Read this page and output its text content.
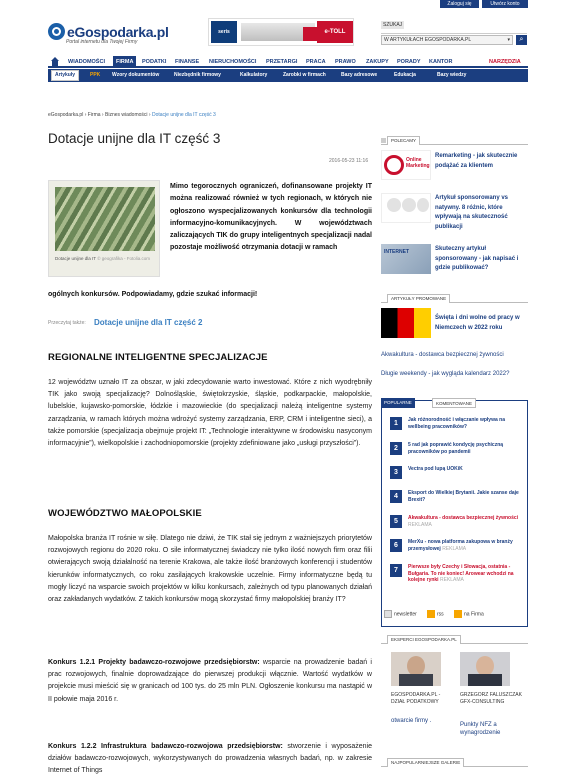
Zaloguj się	Utwórz konto
eGospodarka.pl
Portal internetu dla Twojej Firmy
seris	e-TOLL
SZUKAJ
W ARTYKUŁACH EGOSPODARKA.PL ▾	⌕
WIADOMOŚCI	FIRMA	PODATKI FINANSE NIERUCHOMOŚCI PRZETARGI PRACA PRAWO ZAKUPY PORADY KANTOR	NARZĘDZIA
Artykuły	PPK Wzory dokumentów	Niezbędnik firmowy	Kalkulatory	Zarobki w firmach	Bazy adresowe	Edukacja	Bazy wiedzy
eGospodarka.pl › Firma › Biznes wiadomości › Dotacje unijne dla IT część 3
Dotacje unijne dla IT część 3
2016-05-23 11:16
Dotacje unijne dla IT © geografika - Fotolia.com
Mimo tegorocznych ograniczeń, dofinansowane projekty IT można realizować również w tych regionach, w których nie ogłoszono wyspecjalizowanych konkursów dla technologii informacyjno-komunikacyjnych. W województwach zaliczających TIK do grupy inteligentnych specjalizacji nadal pozostaje możliwość otrzymania dotacji w ramach
ogólnych konkursów. Podpowiadamy, gdzie szukać informacji!
Przeczytaj także: Dotacje unijne dla IT część 2
REGIONALNE INTELIGENTNE SPECJALIZACJE
12 województw uznało IT za obszar, w jaki zdecydowanie warto inwestować. Które z nich wyodrębniły TIK jako swoją specjalizację? Dolnośląskie, świętokrzyskie, śląskie, podkarpackie, małopolskie, lubelskie, kujawsko-pomorskie, łódzkie i mazowieckie (do specjalizacji należą inteligentne systemy zarządzania, w ramach których można wdrożyć systemy zarządzania, ERP, CRM i inteligentne sieci), a także pomorskie (specjalizacja obejmuje projekt IT: „Technologie interaktywne w środowisku nasyconym informacyjnie”), wielkopolskie i zachodniopomorskie (projekty zdefiniowane jako „usługi przyszłości”).
WOJEWÓDZTWO MAŁOPOLSKIE
Małopolska branża IT rośnie w siłę. Dlatego nie dziwi, że TIK stał się jednym z ważniejszych priorytetów rozwojowych regionu do 2020 roku. O sile informatycznej świadczy nie tylko ilość nowych firm oraz filii otwierających swoją działalność na terenie Krakowa, ale także ilość branżowych konferencji i studentów kierunków informatycznych, co roku zasilających krakowskie uczelnie. Firmy informatyczne będą tu mogły liczyć na wsparcie swoich projektów w kilku konkursach, zależnych od typu planowanych działań oraz zakładanych wydatków. Z takich konkursów mogą skorzystać firmy małopolskiej branży IT?
Konkurs 1.2.1 Projekty badawczo-rozwojowe przedsiębiorstw: wsparcie na prowadzenie badań i prac rozwojowych, finalnie doprowadzające do pierwszej produkcji włącznie. Wartość wydatków w projekcie musi mieścić się w granicach od 100 tys. do 25 mln PLN. Ogłoszenie konkursu ma nastąpić w II połowie maja 2016 r.
Konkurs 1.2.2 Infrastruktura badawczo-rozwojowa przedsiębiorstw: stworzenie i wyposażenie działów badawczo-rozwojowych, wykorzystywanych do prowadzenia własnych badań, np. w zakresie Internet of Things
POLECAMY
Online
Marketing
Remarketing - jak skutecznie podążać za klientem
Artykuł sponsorowany vs natywny. 8 różnic, które wpływają na skuteczność publikacji
INTERNET	Skuteczny artykuł sponsorowany - jak napisać i gdzie publikować?
ARTYKUŁY PROMOWANE
Święta i dni wolne od pracy w Niemczech w 2022 roku
Akwakultura - dostawca bezpiecznej żywności
Długie weekendy - jak wygląda kalendarz 2022?
POPULARNE	KOMENTOWANE
1	Jak różnorodność i włączanie wpływa na wellbeing pracowników?
2	5 rad jak poprawić kondycję psychiczną pracowników po pandemii
3	Vectra pod lupą UOKiK
4	Eksport do Wielkiej Brytanii. Jakie szanse daje Brexit?
5	Akwakultura - dostawca bezpiecznej żywności REKLAMA
6	MerXu - nowa platforma zakupowa w branży przemysłowej REKLAMA
7	Pierwsze były Czechy i Słowacja, ostatnia - Bułgaria. To nie koniec! Arowear wchodzi na kolejne rynki REKLAMA
newsletter	rss	na Firma
EKSPERCI EGOSPODARKA.PL
EGOSPODARKA.PL - DZIAŁ PODATKOWY
GRZEGORZ FALUSZCZAK GFX-CONSULTING
otwarcie firmy .
Punkty NFZ a wynagrodzenie
NAJPOPULARNIEJSZE GALERIE
